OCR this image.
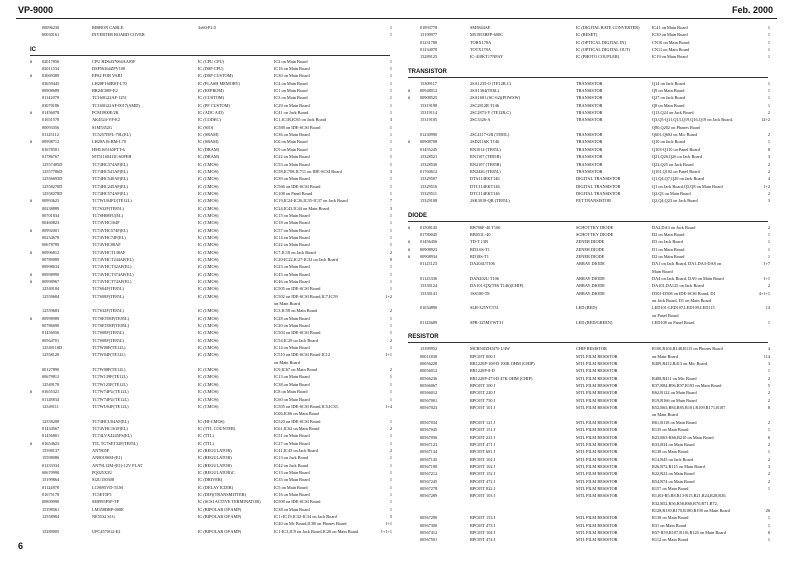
VP-9000	Feb. 2000
00096230	RIBBON CABLE	3x60-P2.0	1
00030161	INVERTER BOARD COVER	1
IC
#	02017856	CPU HD6437064AA05F	IC (CPU CPU)	IC2 on Main Board	1
02011534	DSP56364ZPV100	IC (DSP CPU)	IC16 on Main Board	1
#	03069389	EPS2 FOR VARI	IC (DSP CUSTOM)	IC30 on Main Board	1
03659445	LH28F160BST-L70	IC (FLASH MEMORY)	IC4 on Main Board	1
00908689	BR24C08F-E2	IC (EEPROM)	IC1 on Main Board	1
01142078	TC160G22AF-1251	IC (CUSTOM)	IC3 on Main Board	1
03070186	TC160G22AF-0017(AMD)	IC (PF CUSTOM)	IC29 on Main Board	1
#	01456078	PCM1800E/2K	IC (ADC A/D)	IC41 on Jack Board	1
01651578	AK4524-VF-E2	IC (CODEC)	IC1,IC1B,IC65 on Jack Board	3
00093356	S1M5352G	IC (SIO)	IC588 on IDE-SCSI Board	1
01125112	TC5257DFL-70L(EL)	IC (SRAM)	IC36 on Main Board	1
#	00998712	LH28A16-RM-L70	IC (SRAM)	IC6 on Main Board	1
01678501	HM5165165FTT-6	IC (DRAM)	IC9 on Main Board	1
01786767	MT5116041IC-60FEH	IC (DRAM)	IC22 on Main Board	1
12557485D	TC74HC374AF(EL)	IC (CMOS)	IC53 on Main Board	1
12557786D	TC74HC541AF(EL)	IC (CMOS)	IC58,IC708,IC711 on IDE-SCSI Board	3
12556693D	TC74HC540AF(EL)	IC (CMOS)	IC39 on Main Board	1
12558278D	TC74HC245AF(EL)	IC (CMOS)	IC566 on IDE-SCSI Board	1
12558278D	TC74HC574AF(EL)	IC (CMOS)	IC108 on Panel Board	1
#	00993623	TC7WU04FU(TE12L)	IC (CMOS)	IC19,IC24-IC26,IC35-IC37 on Jack Board	7
00238889	TC7S32F(TE85L)	IC (CMOS)	IC24,IC43,IC44 on Main Board	3
00701834	TC7SH08FU(EL)	IC (CMOS)	IC15 on Main Board	1
00460823	TC74VHC164F	IC (CMOS)	IC18 on Main Board	1
#	00992001	TC74VHC574F(EL)	IC (CMOS)	IC57 on Main Board	1
00234678	TC74VHC74F(EL)	IC (CMOS)	IC14 on Main Board	1
00678789	TC74VHC08AF	IC (CMOS)	IC22 on Main Board	1
#	00996812	TC74VHCT138AF	IC (CMOS)	IC7,IC18 on Jack Board	2
00789089	TC74VHCT244AF(EL)	IC (CMOS)	IC20-IC22,IC27-IC32 on Jack Board	9
00998634	TC74VHCT32AF(EL)	IC (CMOS)	IC23 on Main Board	1
#	00998990	TC74VHCT374AF(EL)	IC (CMOS)	IC45 on Main Board	1
#	00998967	TC74VHCT74AF(EL)	IC (CMOS)	IC46 on Main Board	1
12549104	TC7S04F(TE85L)	IC (CMOS)	IC505 on IDE-SCSI Board	1
12559684	TC7S08F(TE85L)	IC (CMOS)	IC502 on IDE-SCSI Board,IC7,IC59	1+2
on Main Board
12559683	TC7S32F(TE85L)	IC (CMOS)	IC3,IC58 on Main Board	2
#	00998989	TC7SET08F(TE85L)	IC (CMOS)	IC28 on Main Board	1
00786690	TC7SET08F(TE85L)	IC (CMOS)	IC20 on Main Board	1
01456956	TC7S08F(TE85L)	IC (CMOS)	IC503 on IDE-SCSI Board	1
00564701	TC7S08F(TE85L)	IC (CMOS)	IC54,IC29 on Jack Board	2
12549116D	TC7W00F(TE12L)	IC (CMOS)	IC14 on Main Board	1
12558120	TC7W04F(TE12L)	IC (CMOS)	IC510 on IDE-SCSI Board IC12	1+1
on Main Board
00127890	TC7W08F(TE12L)	IC (CMOS)	IC9,IC67 on Main Board	2
00679812	TC7W139F(TE12L)	IC (CMOS)	IC13 on Main Board	1
12549170	TC7W125F(TE12L)	IC (CMOS)	IC38 on Main Board	1
#	01655321	TC7W74FU(TE12L)	IC (CMOS)	IC8 on Main Board	1
01128834	TC7W74FU(TE12L)	IC (CMOS)	IC60 on Main Board	1
12549111	TC7WU04F(TE12L)	IC (CMOS)	IC505 on IDE-SCSI Board,IC5,IC35,	1+4
IC66,IC66 on Main Board
12558208	TC74HCU04AF(EL)	IC (HI-CMOS)	IC520 on IDE-SCSI Board	1
01434567	TC74VHC161F(EL)	IC (TTL COUNTER)	IC61,IC62 on Main Board	2
01456801	TC74LVX4245FS(EL)	IC (TTL)	IC51 on Main Board	1
#	01654623	TTL TC7SET32F(TE85L)	IC (TTL)	IC27 on Main Board	1
15598137	AN7805F	IC (REGULATOR)	IC41,IC43 on Jack Board	2
15598086	AN8018SM-(E1)	IC (REGULATOR)	IC13 on Jack Board	1
01233334	AN79L12M-(E1)-12V FLAT	IC (REGULATOR)	IC42 on Jack Board	1
00670990	PQ025X3U	IC (REGULATOR)C	IC13 on Main Board	1
15199864	SI2U150308	IC (DRIVER)	IC35 on Main Board	1
01124878	LC8695VD-TLM	IC (DELAY ICDIR)	IC5 on Main Board	1
01675178	TC5ET5F5	IC (DIF)(TRANSMITTER)	IC16 on Main Board	1
00809990	SE8995P5P-TP	IC (SCSI ACTIVE TERMINATOR)	IC509 on IDE-SCSI Board	1
15198561	LM358DRP-000E	IC (BIPOLAR OP AMP)	IC38 on Main Board	1
12558984	NE5532 S1G	IC (BIPOLAR OP AMP)	IC1+IC19,IC32-IC34 on Jack Board	5
IC40 on Mc Board,IC80 on Phones Board	1+1
15289005	UPC4570G2-E2	IC (BIPOLAR OP AMP)	IC1-IC3,IC9 on Jack Board,IC20 on Main Board	1+1+1
01893778	SM5844AF	IC (DIGITAL RATE CONVERTER)	IC41 on Main Board	1
15199977	M51953BFP-600C	IC (RESET)	IC30 on Main Board	1
01231780	TORX178A	IC (OPTICAL DIGITAL IN)	CN10 on Main Board	1
01234078	TOTX178A	IC (OPTICAL DIGITAL OUT)	CN11 on Main Board	1
15289125	IC-410KT17NFAY	IC (PHOTO COUPLER)	IC19 on Main Board	1
TRANSISTOR
15309117	2SA1235-O (TE12R,C)	TRANSISTOR	Q14 on Jack Board	1
#	00948012	2SA1364(TE6L)	TRANSISTOR	Q9 on Main Board	1
#	00908525	2SA1681 (SC-62)(POWSW)	TRANSISTOR	Q27 on Jack Board	1
15319198	2SC2812R T146	TRANSISTOR	Q8 on Main Board	1
15319114	2SC2873-Y (TE12R,C)	TRANSISTOR	Q13,Q24 on Jack Board	2
15319105	2SC3326-A	TRANSISTOR	Q3,Q5-Q11,Q13,Q19,Q16,Q19 on Jack Board,	12+2
Q80,Q202 on Phones Board
01230990	2SC4117-GR (TE85L)	TRANSISTOR	Q601,Q602 on Mic Board	2
#	00908708	2SD2116K T146	TRANSISTOR	Q10 on Jack Board	1
01455245	RN1014 (TE85L)	TRANSISTOR	Q103-Q110 on Panel Board	8
15328521	RN1107 (TE85R)	TRANSISTOR	Q21,Q26,Q26 on Jack Board	3
15328530	RN2107 (TE85R)	TRANSISTOR	Q22,Q25 on Jack Board	2
01760612	RN2426 (TE85L)	TRANSISTOR	Q101,Q102 on Panel Board	2
15329507	DTA114EKT146	DIGITAL TRANSISTOR	Q1,Q4,Q7,Q20 on Jack Board	4
15329516	DTC114EKT146	DIGITAL TRANSISTOR	Q1 on Jack Board,Q5,Q8 on Main Board	1+2
15329511	DTC114EKT146	DIGITAL TRANSISTOR	Q2,Q3 on Main Board	2
15329108	2SK3018-QR (TE85L)	FET TRANSISTOR	Q2,Q4,Q23 on Jack Board	3
DIODE
#	01508145	RB706F-40 T106	SCHOTTKY DIODE	DA2,DA3 on Jack Board	2
01780045	RB051L-40	SCHOTTKY DIODE	D2 on Main Board	1
#	01456456	TD-T 13B	ZENER DIODE	D3 on Jack Board	1
#	00908923	RD3.6S-T1	ZENER DIODE	D1 on Main Board	1
#	00908934	RD18S-T1	ZENER DIODE	D2 on Main Board	1
01123123	DA204UT106	ARRAY DIODE	DA1 on Jack Board, DA1,DA3-DA8 on	1+7
Main Board
01123336	DAN202U T106	ARRAY DIODE	DA4 on Jack Board, DA9 on Main Board	1+1
15339124	DA101-QX(TE6 T146)(CHIP)	ARRAY DIODE	DA101,DA125 on Jack Board	2
15339141	1SS180-T8	ARRAY DIODE	D501-D508 on IDE-SCSI Board, D1	4+1+1
on Jack Board, D1 on Main Board
01034890	SLR-325YCT31	LED (RED)	LED101-LED107,LED109,LED115	14
on Panel Board
01123689	SPR-325MVWT31	LED (RED/GREEN)	LED108 on Panel Board	1
RESISTOR
15399952	MCR50JZHJ470 1/4W	CHIP RESISTOR	R100,R104,R148,R115 on Phones Board	4
00011838	RPC05T 000 J	MTL FILM RESISTOR	on Main Board	114
00056228	RR1220P-108-D 100K OHM (CHIP)	MTL FILM RESISTOR	R409,R412,R413 on Mic Board	3
00056012	RR1220P-8-D	MTL FILM RESISTOR	1
00566236	RR1220P-473-D 47K OHM (CHIP)	MTL FILM RESISTOR	R408,R411 on Mic Board	2
00566067	RPC05T 100 J	MTL FILM RESISTOR	R37,R84,R96,R97,R193 on Main Board	5
00566012	RPC05T 220 J	MTL FILM RESISTOR	R62,R122 on Main Board	2
00567001	RPC05T 750 J	MTL FILM RESISTOR	R19,R166 on Main Board	2
00567023	RPC05T 101 J	MTL FILM RESISTOR	R52,R65,R84,R85,R101,R109,R171,R187	8
on Main Board
00567034	RPC05T 121 J	MTL FILM RESISTOR	R61,R118 on Main Board	2
00567045	RPC05T 151 J	MTL FILM RESISTOR	R135 on Main Board	1
00567056	RPC05T 221 J	MTL FILM RESISTOR	R23,R63-R66,R210 on Main Board	6
00567123	RPC05T 471 J	MTL FILM RESISTOR	R33,R34 on Main Board	2
00567134	RPC05T 681 J	MTL FILM RESISTOR	R138 on Main Board	1
00567145	RPC05T 102 J	MTL FILM RESISTOR	R14,R45 on Jack Board	2
00567190	RPC05T 102 J	MTL FILM RESISTOR	R26,R72,R115 on Main Board	3
00567212	RPC05T 152 J	MTL FILM RESISTOR	R22,R23 on Main Board	2
00567245	RPC05T 472 J	MTL FILM RESISTOR	R54,R74 on Main Board	2
00567278	RPC05T 822 J	MTL FILM RESISTOR	R157 on Main Board	1
00567289	RPC05T 103 J	MTL FILM RESISTOR	R1,R3-R5,R8,R13-R15,R21,R24,R28,R30,
R32,R52,R56,R58,R60,R70,R71,R72,
R128,R139,R170,R180,R190 on Main Board	26
00567290	RPC05T 153 J	MTL FILM RESISTOR	R138 on Main Board	1
00567300	RPC05T 473 J	MTL FILM RESISTOR	R31 on Main Board	1
00567412	RPC05T 104 J	MTL FILM RESISTOR	R57-R59,R107,R116,R120 on Main Board	6
00567501	RPC05T 474 J	MTL FILM RESISTOR	R112 on Main Board	1
6
